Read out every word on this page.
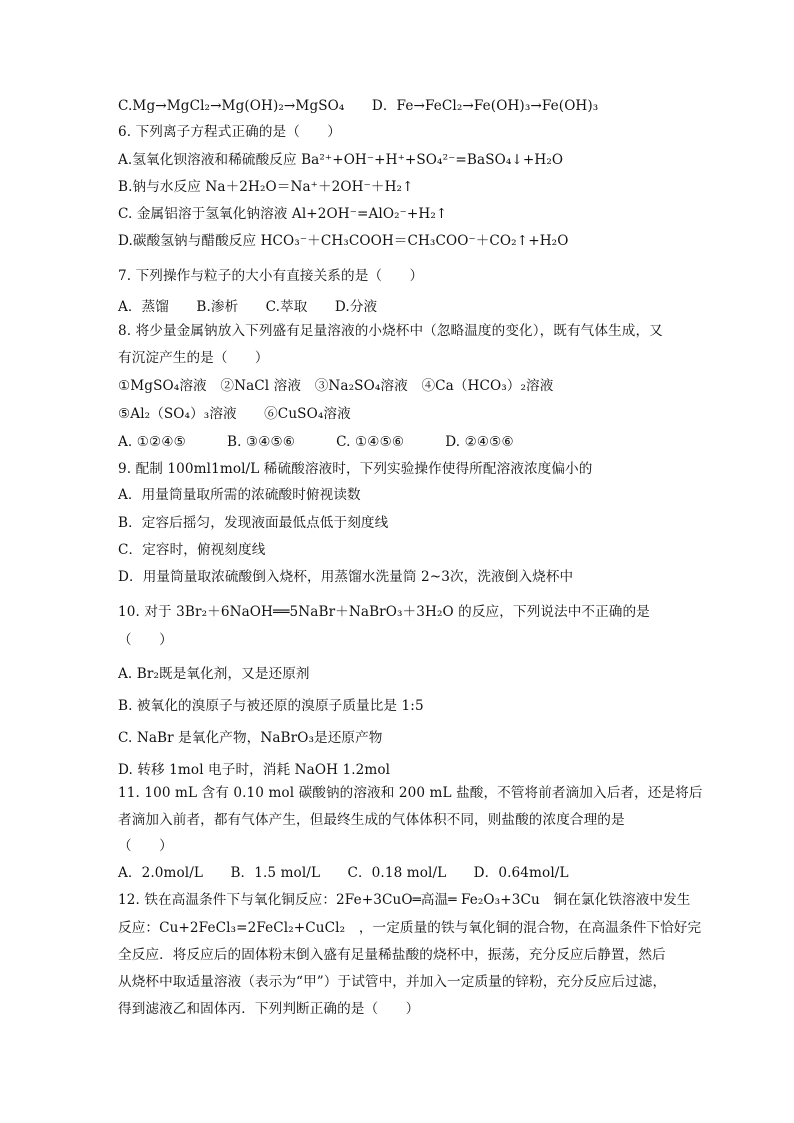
C.Mg→MgCl₂→Mg(OH)₂→MgSO₄　　D．Fe→FeCl₂→Fe(OH)₃→Fe(OH)₃
6. 下列离子方程式正确的是（　　）
A.氢氧化钡溶液和稀硫酸反应 Ba²⁺+OH⁻+H⁺+SO₄²⁻=BaSO₄↓+H₂O
B.钠与水反应 Na＋2H₂O＝Na⁺＋2OH⁻＋H₂↑
C. 金属铝溶于氢氧化钠溶液 Al+2OH⁻=AlO₂⁻+H₂↑
D.碳酸氢钠与醋酸反应 HCO₃⁻＋CH₃COOH＝CH₃COO⁻＋CO₂↑+H₂O
7. 下列操作与粒子的大小有直接关系的是（　　）
A．蒸馏　　B.渗析　　C.萃取　　D.分液
8. 将少量金属钠放入下列盛有足量溶液的小烧杯中（忽略温度的变化），既有气体生成，又
有沉淀产生的是（　　）
①MgSO₄溶液　②NaCl 溶液　③Na₂SO₄溶液　④Ca（HCO₃）₂溶液
⑤Al₂（SO₄）₃溶液　　⑥CuSO₄溶液
A. ①②④⑤　　　B. ③④⑤⑥　　　C. ①④⑤⑥　　　D. ②④⑤⑥
9. 配制 100ml1mol/L 稀硫酸溶液时，下列实验操作使得所配溶液浓度偏小的
A．用量筒量取所需的浓硫酸时俯视读数
B．定容后摇匀，发现液面最低点低于刻度线
C．定容时，俯视刻度线
D．用量筒量取浓硫酸倒入烧杯，用蒸馏水洗量筒 2~3次，洗液倒入烧杯中
10. 对于 3Br₂＋6NaOH══5NaBr＋NaBrO₃＋3H₂O 的反应，下列说法中不正确的是
（　　）
A. Br₂既是氧化剂，又是还原剂
B. 被氧化的溴原子与被还原的溴原子质量比是 1:5
C. NaBr 是氧化产物，NaBrO₃是还原产物
D. 转移 1mol 电子时，消耗 NaOH 1.2mol
11. 100 mL 含有 0.10 mol 碳酸钠的溶液和 200 mL 盐酸，不管将前者滴加入后者，还是将后
者滴加入前者，都有气体产生，但最终生成的气体体积不同，则盐酸的浓度合理的是
（　　）
A．2.0mol/L　　B．1.5 mol/L　　C．0.18 mol/L　　D．0.64mol/L
12. 铁在高温条件下与氧化铜反应：2Fe+3CuO═高温═ Fe₂O₃+3Cu　铜在氯化铁溶液中发生
反应：Cu+2FeCl₃=2FeCl₂+CuCl₂　，一定质量的铁与氧化铜的混合物，在高温条件下恰好完
全反应．将反应后的固体粉末倒入盛有足量稀盐酸的烧杯中，振荡，充分反应后静置，然后
从烧杯中取适量溶液（表示为“甲”）于试管中，并加入一定质量的锌粉，充分反应后过滤，
得到滤液乙和固体丙．下列判断正确的是（　　）
